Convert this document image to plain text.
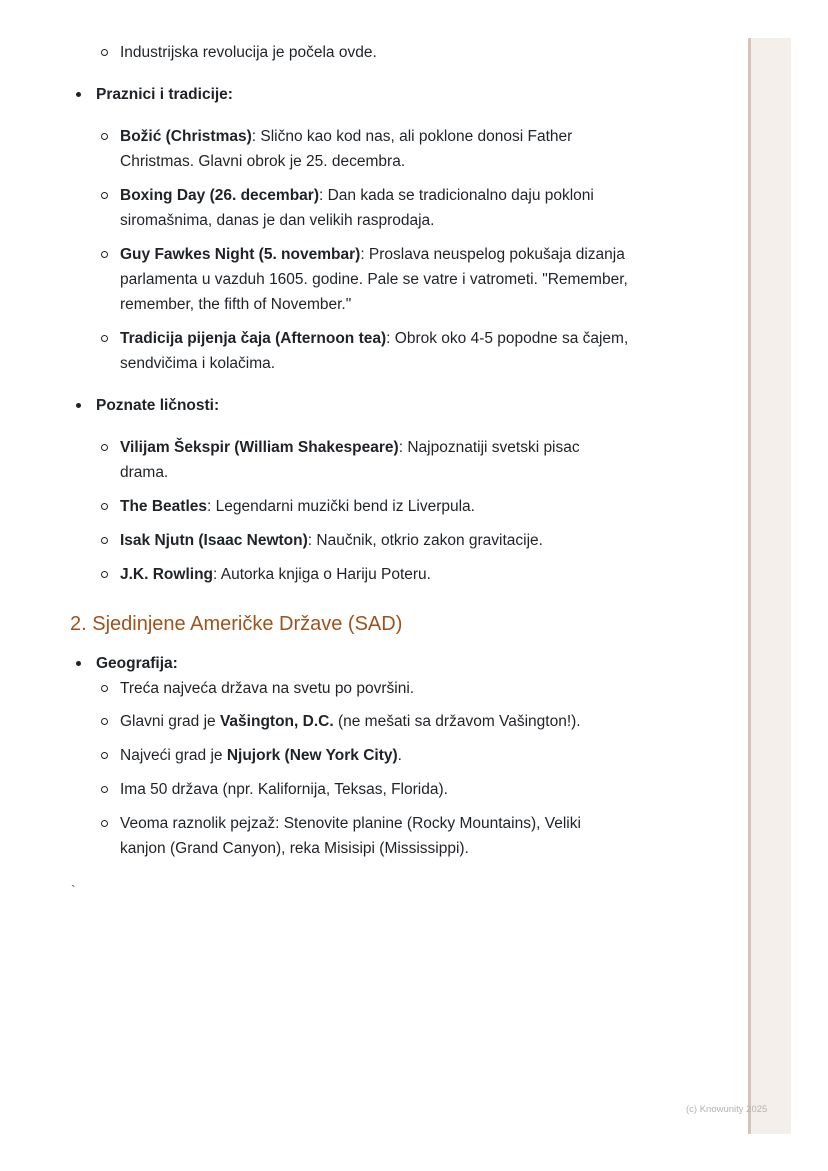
Industrijska revolucija je počela ovde.

Praznici i tradicije:

Božić (Christmas): Slično kao kod nas, ali poklone donosi Father Christmas. Glavni obrok je 25. decembra.

Boxing Day (26. decembar): Dan kada se tradicionalno daju pokloni siromašnima, danas je dan velikih rasprodaja.

Guy Fawkes Night (5. novembar): Proslava neuspelog pokušaja dizanja parlamenta u vazduh 1605. godine. Pale se vatre i vatrometi. "Remember, remember, the fifth of November."

Tradicija pijenja čaja (Afternoon tea): Obrok oko 4-5 popodne sa čajem, sendvičima i kolačima.

Poznate ličnosti:

Vilijam Šekspir (William Shakespeare): Najpoznatiji svetski pisac drama.

The Beatles: Legendarni muzički bend iz Liverpula.

Isak Njutn (Isaac Newton): Naučnik, otkrio zakon gravitacije.

J.K. Rowling: Autorka knjiga o Hariju Poteru.

2. Sjedinjene Američke Države (SAD)

Geografija:

Treća najveća država na svetu po površini.

Glavni grad je Vašington, D.C. (ne mešati sa državom Vašington!).

Najveći grad je Njujork (New York City).

Ima 50 država (npr. Kalifornija, Teksas, Florida).

Veoma raznolik pejzaž: Stenovite planine (Rocky Mountains), Veliki kanjon (Grand Canyon), reka Misisipi (Mississippi).

`

(c) Knowunity 2025
